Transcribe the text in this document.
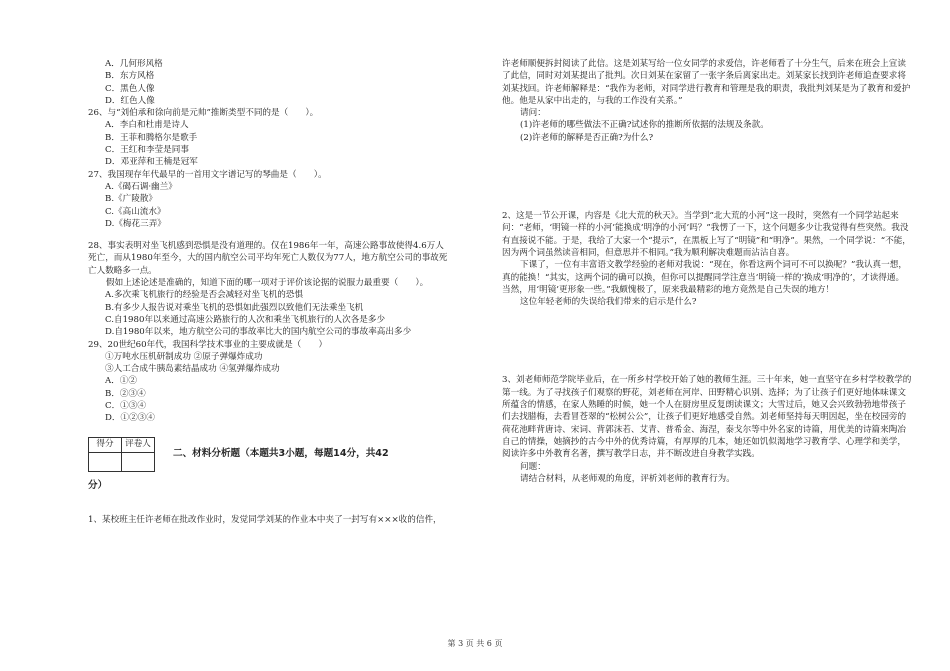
A．几何形风格
B．东方风格
C．黑色人像
D．红色人像
26、与“刘伯承和徐向前是元帅”推断类型不同的是（　　）。
A．李白和杜甫是诗人
B．王菲和腾格尔是歌手
C．王红和李莹是同事
D．邓亚萍和王楠是冠军
27、我国现存年代最早的一首用文字谱记写的琴曲是（　　）。
A.《碣石调·幽兰》
B.《广陵散》
C.《高山流水》
D.《梅花三弄》
28、事实表明对坐飞机感到恐惧是没有道理的。仅在1986年一年，高速公路事故使得4.6万人
死亡，而从1980年至今，大的国内航空公司平均年死亡人数仅为77人，地方航空公司的事故死
亡人数略多一点。
假如上述论述是准确的，知道下面的哪一项对于评价该论据的说服力最重要（　　）。
A.多次乘飞机旅行的经验是否会减轻对坐飞机的恐惧
B.有多少人报告说对乘坐飞机的恐惧如此强烈以致他们无法乘坐飞机
C.自1980年以来通过高速公路旅行的人次和乘坐飞机旅行的人次各是多少
D.自1980年以来，地方航空公司的事故率比大的国内航空公司的事故率高出多少
29、20世纪60年代，我国科学技术事业的主要成就是（　　）
①万吨水压机研制成功 ②原子弹爆炸成功
③人工合成牛胰岛素结晶成功 ④氢弹爆炸成功
A．①②
B．②③④
C．①③④
D．①②③④
得分	评卷人

二、材料分析题（本题共3小题，每题14分，共42
分）
1、某校班主任许老师在批改作业时，发觉同学刘某的作业本中夹了一封写有×××收的信件，
许老师顺便拆封阅读了此信。这是刘某写给一位女同学的求爱信，许老师看了十分生气，后来在班会上宣读了此信，同时对刘某提出了批判。次日刘某在家留了一张字条后离家出走。刘某家长找到许老师追查要求将刘某找回。许老师解释是：“我作为老师，对同学进行教育和管理是我的职责，我批判刘某是为了教育和爱护他。他是从家中出走的，与我的工作没有关系。”
请问：
(1)许老师的哪些做法不正确?试述你的推断所依据的法规及条款。
(2)许老师的解释是否正确?为什么?
2、这是一节公开课，内容是《北大荒的秋天》。当学到“北大荒的小河”这一段时，突然有一个同学站起来问：“老师，‘明镜一样的小河’能换成‘明净的小河’吗？”我愣了一下，这个问题多少让我觉得有些突然。我没有直接说不能。于是，我给了大家一个“提示”，在黑板上写了“明镜”和“明净”。果然，一个同学说：“不能，因为两个词虽然读音相同，但意思并不相同。”我为顺利解决难题而沾沾自喜。
下课了，一位有丰富语文教学经验的老师对我说：“现在，你看这两个词可不可以换呢？”我认真一想，真的能换！“其实，这两个词的确可以换，但你可以提醒同学注意当‘明镜一样的’换成‘明净的’，才读得通。当然，用‘明镜’更形象一些。”我颇愧极了，原来我最精彩的地方竟然是自己失误的地方！
这位年轻老师的失误给我们带来的启示是什么?
3、刘老师师范学院毕业后，在一所乡村学校开始了她的教师生涯。三十年来，她一直坚守在乡村学校教学的第一线。为了寻找孩子们观察的野花，刘老师在河岸、田野精心识别、选择；为了让孩子们更好地体味课文所蕴含的情感，在家人熟睡的时候，她一个人在厨房里反复朗读课文；大雪过后，她又会兴致勃勃地带孩子们去找腊梅，去看冒苍翠的“松树公公”，让孩子们更好地感受自然。刘老师坚持每天明因起，坐在校园旁的荷花池畔背唐诗、宋词、背郭沫若、艾青、普希金、海涅，泰戈尔等中外名家的诗篇，用优美的诗篇来陶冶自己的情操，她摘抄的古今中外的优秀诗篇，有厚厚的几本，她还如饥似渴地学习教育学、心理学和美学，阅读许多中外教育名著，撰写教学日志，并不断改进自身教学实践。
问题：
请结合材料，从老师观的角度，评析刘老师的教育行为。
第 3 页 共 6 页
